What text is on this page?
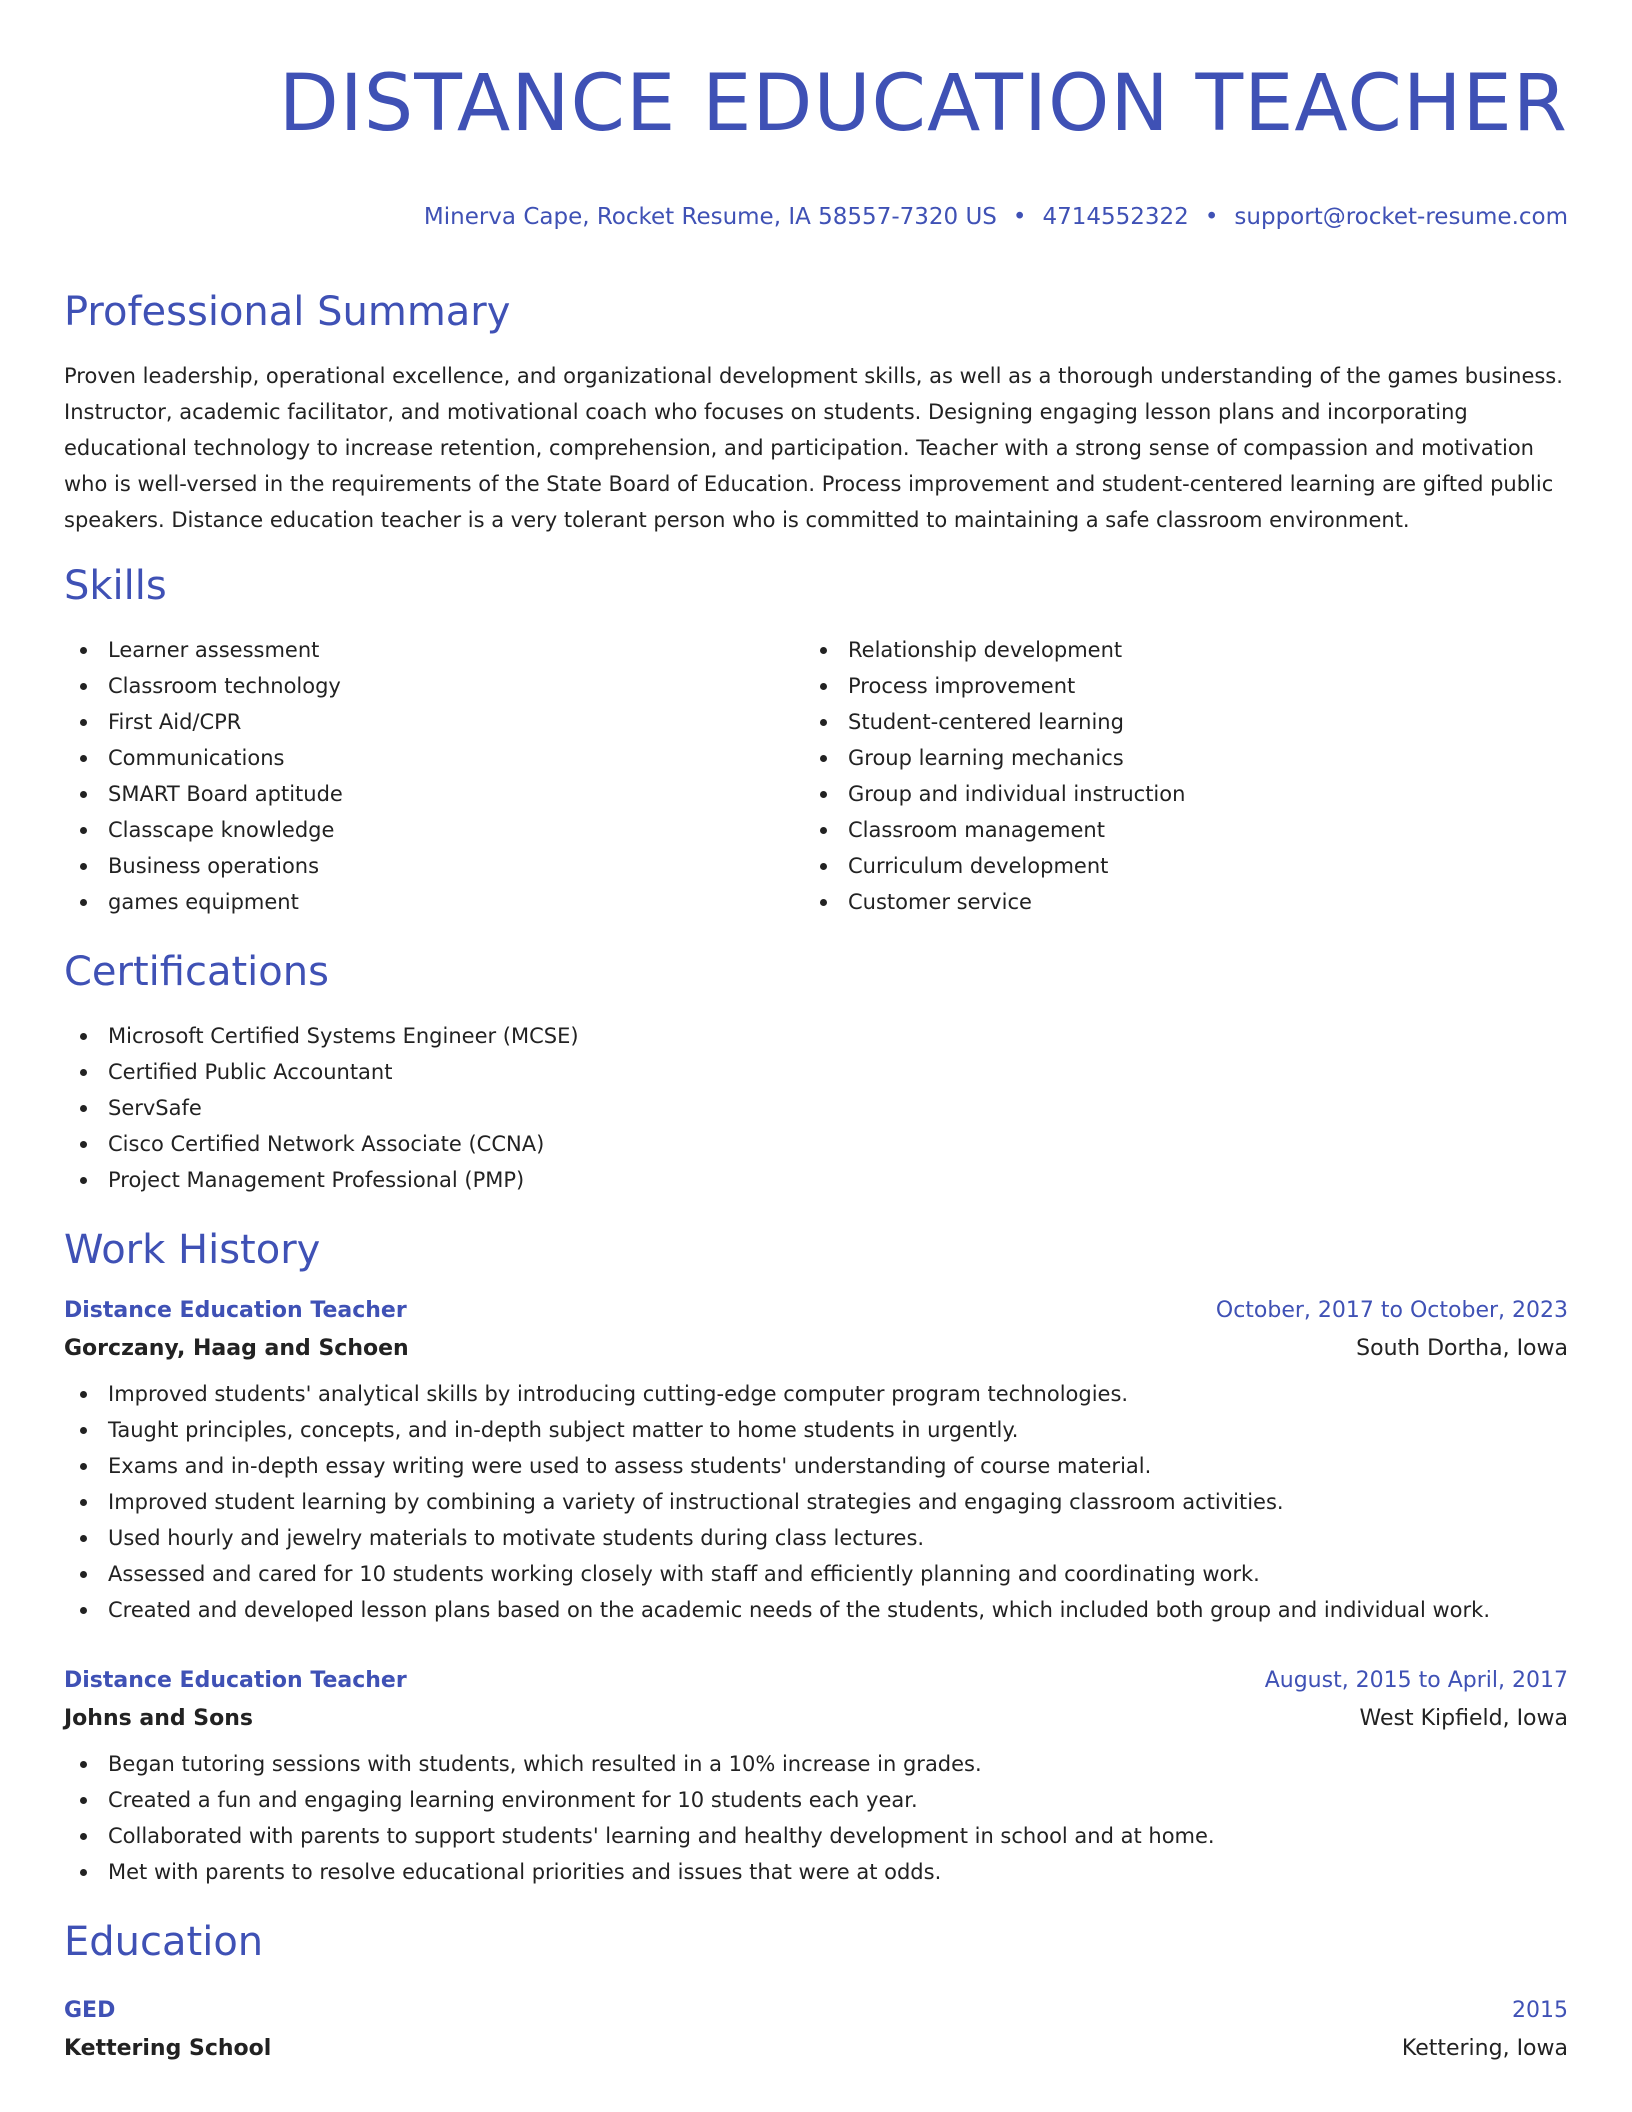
DISTANCE EDUCATION TEACHER
Minerva Cape, Rocket Resume, IA 58557-7320 US • 4714552322 • support@rocket-resume.com
Professional Summary

Proven leadership, operational excellence, and organizational development skills, as well as a thorough understanding of the games business. Instructor, academic facilitator, and motivational coach who focuses on students. Designing engaging lesson plans and incorporating educational technology to increase retention, comprehension, and participation. Teacher with a strong sense of compassion and motivation who is well-versed in the requirements of the State Board of Education. Process improvement and student-centered learning are gifted public speakers. Distance education teacher is a very tolerant person who is committed to maintaining a safe classroom environment.

Skills
Learner assessment
Classroom technology
First Aid/CPR
Communications
SMART Board aptitude
Classcape knowledge
Business operations
games equipment
Relationship development
Process improvement
Student-centered learning
Group learning mechanics
Group and individual instruction
Classroom management
Curriculum development
Customer service
Certifications
Microsoft Certified Systems Engineer (MCSE)
Certified Public Accountant
ServSafe
Cisco Certified Network Associate (CCNA)
Project Management Professional (PMP)
Work History
Distance Education Teacher	October, 2017 to October, 2023
Gorczany, Haag and Schoen	South Dortha, Iowa
Improved students' analytical skills by introducing cutting-edge computer program technologies.
Taught principles, concepts, and in-depth subject matter to home students in urgently.
Exams and in-depth essay writing were used to assess students' understanding of course material.
Improved student learning by combining a variety of instructional strategies and engaging classroom activities.
Used hourly and jewelry materials to motivate students during class lectures.
Assessed and cared for 10 students working closely with staff and efficiently planning and coordinating work.
Created and developed lesson plans based on the academic needs of the students, which included both group and individual work.
Distance Education Teacher	August, 2015 to April, 2017
Johns and Sons	West Kipfield, Iowa
Began tutoring sessions with students, which resulted in a 10% increase in grades.
Created a fun and engaging learning environment for 10 students each year.
Collaborated with parents to support students' learning and healthy development in school and at home.
Met with parents to resolve educational priorities and issues that were at odds.
Education
GED	2015
Kettering School	Kettering, Iowa
